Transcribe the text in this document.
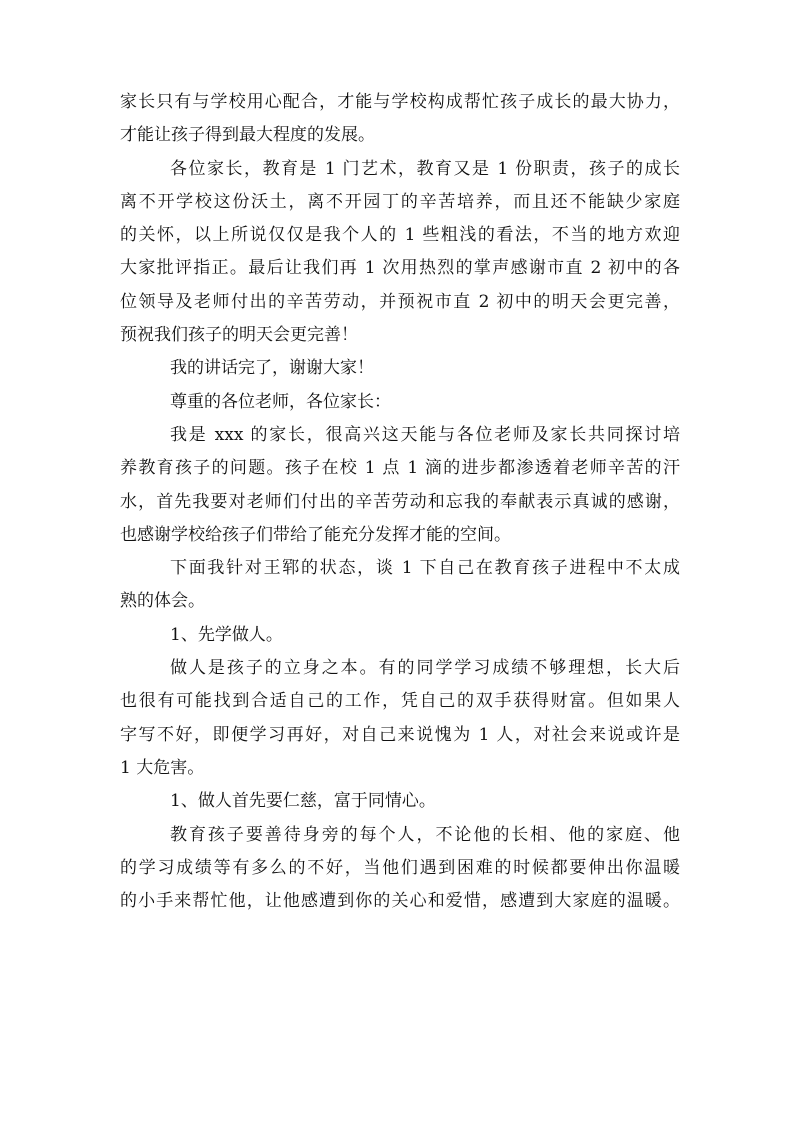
家长只有与学校用心配合，才能与学校构成帮忙孩子成长的最大协力，
才能让孩子得到最大程度的发展。
各位家长，教育是 1 门艺术，教育又是 1 份职责，孩子的成长
离不开学校这份沃土，离不开园丁的辛苦培养，而且还不能缺少家庭
的关怀，以上所说仅仅是我个人的 1 些粗浅的看法，不当的地方欢迎
大家批评指正。最后让我们再 1 次用热烈的掌声感谢市直 2 初中的各
位领导及老师付出的辛苦劳动，并预祝市直 2 初中的明天会更完善，
预祝我们孩子的明天会更完善！
我的讲话完了，谢谢大家！
尊重的各位老师，各位家长：
我是 xxx 的家长，很高兴这天能与各位老师及家长共同探讨培
养教育孩子的问题。孩子在校 1 点 1 滴的进步都渗透着老师辛苦的汗
水，首先我要对老师们付出的辛苦劳动和忘我的奉献表示真诚的感谢，
也感谢学校给孩子们带给了能充分发挥才能的空间。
下面我针对王郓的状态，谈 1 下自己在教育孩子进程中不太成
熟的体会。
1、先学做人。
做人是孩子的立身之本。有的同学学习成绩不够理想，长大后
也很有可能找到合适自己的工作，凭自己的双手获得财富。但如果人
字写不好，即便学习再好，对自己来说愧为 1 人，对社会来说或许是
1 大危害。
1、做人首先要仁慈，富于同情心。
教育孩子要善待身旁的每个人，不论他的长相、他的家庭、他
的学习成绩等有多么的不好，当他们遇到困难的时候都要伸出你温暖
的小手来帮忙他，让他感遭到你的关心和爱惜，感遭到大家庭的温暖。
